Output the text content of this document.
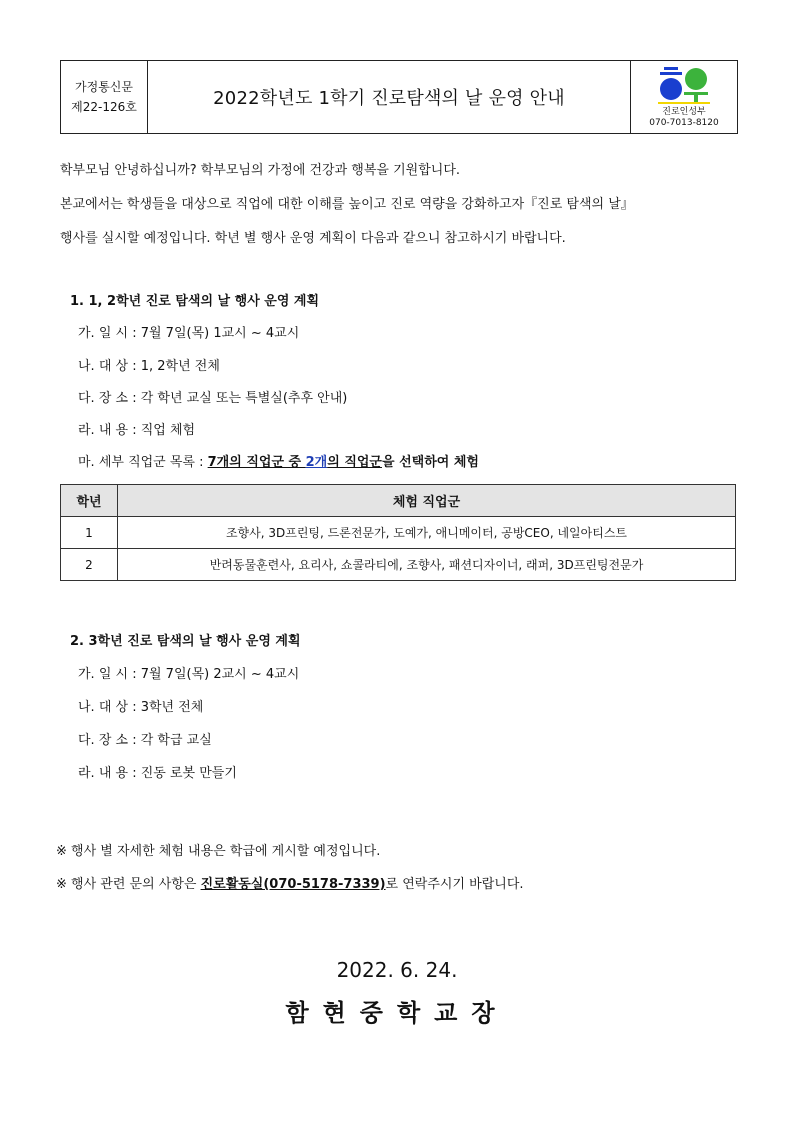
가정통신문
제22-126호	2022학년도 1학기 진로탐색의 날 운영 안내
진로인성부
070-7013-8120
학부모님 안녕하십니까? 학부모님의 가정에 건강과 행복을 기원합니다.
본교에서는 학생들을 대상으로 직업에 대한 이해를 높이고 진로 역량을 강화하고자『진로 탐색의 날』
행사를 실시할 예정입니다. 학년 별 행사 운영 계획이 다음과 같으니 참고하시기 바랍니다.
1. 1, 2학년 진로 탐색의 날 행사 운영 계획
가. 일 시 : 7월 7일(목) 1교시 ~ 4교시
나. 대 상 : 1, 2학년 전체
다. 장 소 : 각 학년 교실 또는 특별실(추후 안내)
라. 내 용 : 직업 체험
마. 세부 직업군 목록 : 7개의 직업군 중 2개의 직업군을 선택하여 체험
학년	체험 직업군
1	조향사, 3D프린팅, 드론전문가, 도예가, 애니메이터, 공방CEO, 네일아티스트
2	반려동물훈련사, 요리사, 쇼콜라티에, 조향사, 패션디자이너, 래퍼, 3D프린팅전문가
2. 3학년 진로 탐색의 날 행사 운영 계획
가. 일 시 : 7월 7일(목) 2교시 ~ 4교시
나. 대 상 : 3학년 전체
다. 장 소 : 각 학급 교실
라. 내 용 : 진동 로봇 만들기
※ 행사 별 자세한 체험 내용은 학급에 게시할 예정입니다.
※ 행사 관련 문의 사항은 진로활동실(070-5178-7339)로 연락주시기 바랍니다.
2022. 6. 24.
함현중학교장
